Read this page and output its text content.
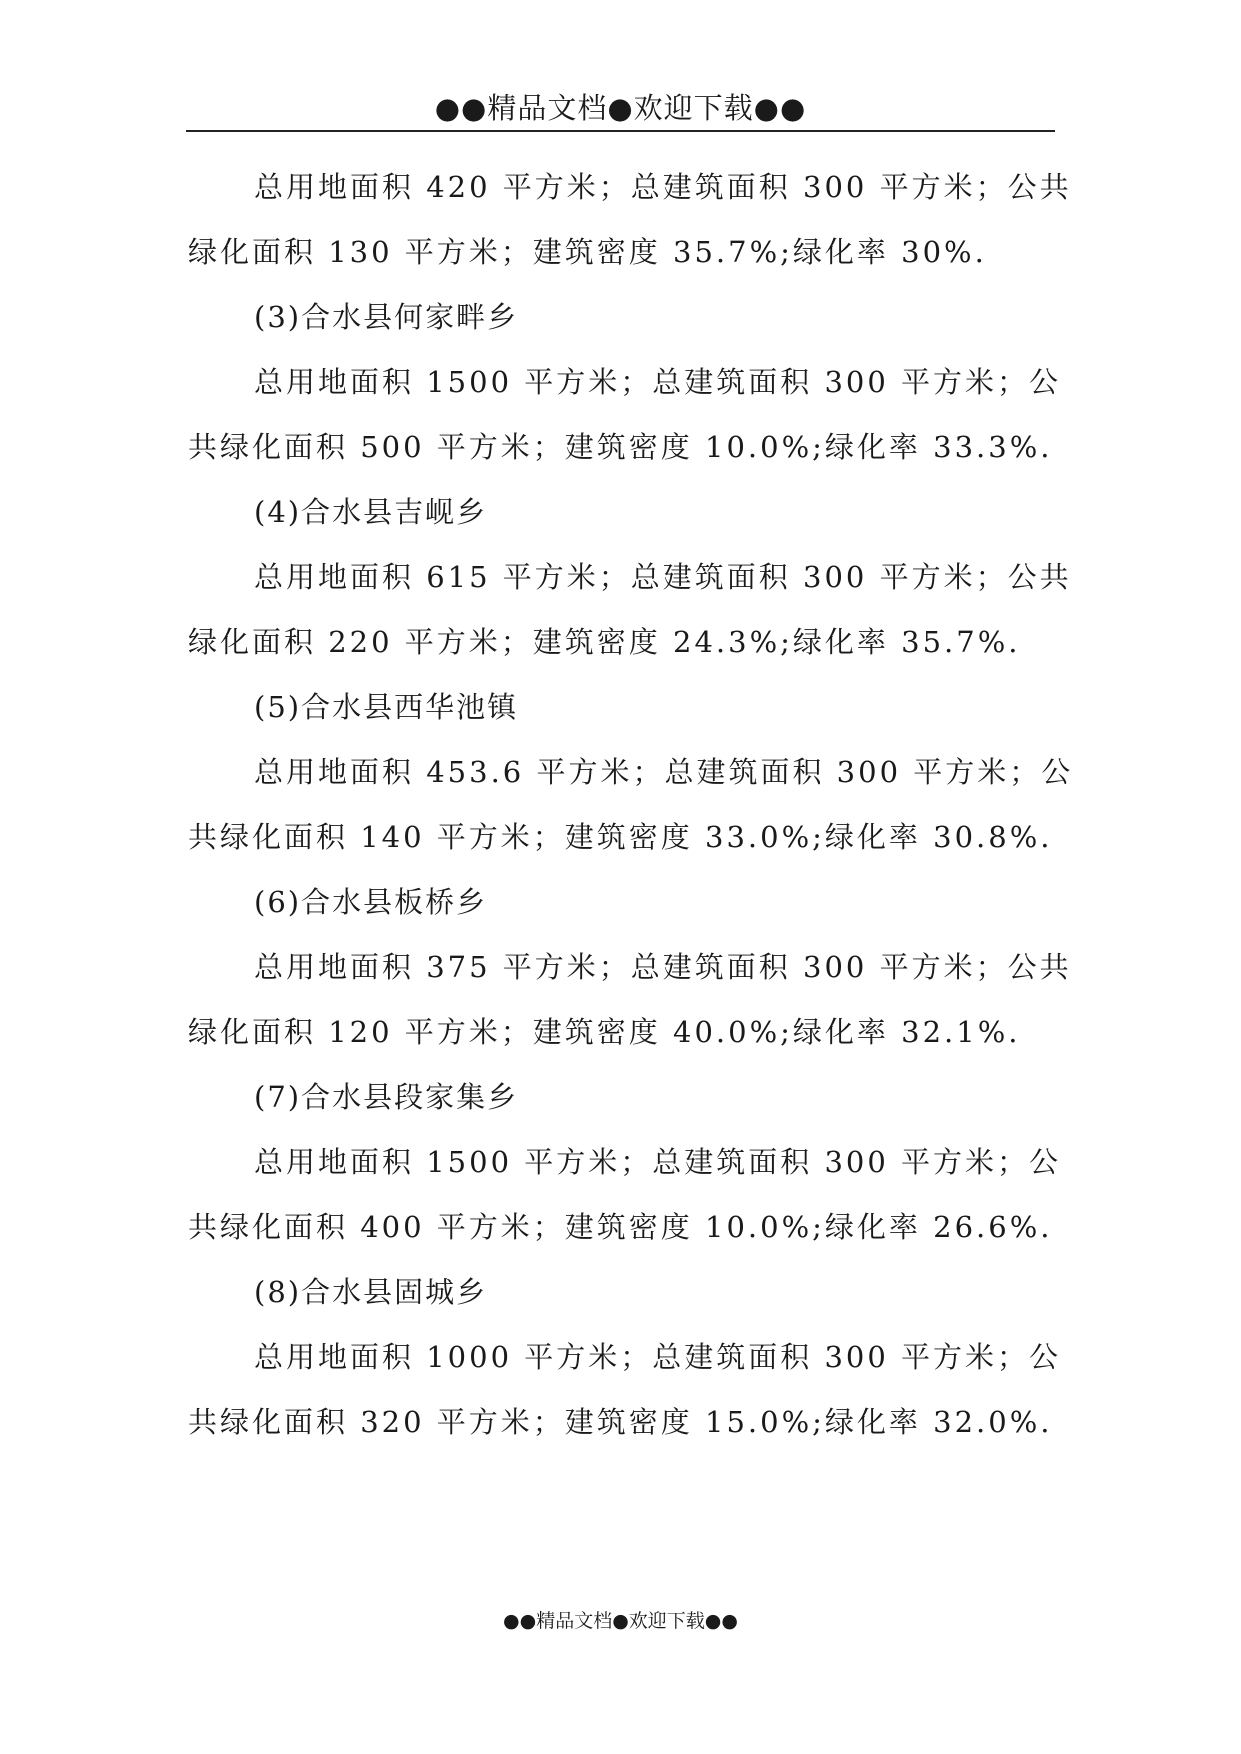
●●精品文档●欢迎下载●●
总用地面积 420 平方米；总建筑面积 300 平方米；公共
绿化面积 130 平方米；建筑密度 35.7%;绿化率 30%.
(3)合水县何家畔乡
总用地面积 1500 平方米；总建筑面积 300 平方米；公
共绿化面积 500 平方米；建筑密度 10.0%;绿化率 33.3%.
(4)合水县吉岘乡
总用地面积 615 平方米；总建筑面积 300 平方米；公共
绿化面积 220 平方米；建筑密度 24.3%;绿化率 35.7%.
(5)合水县西华池镇
总用地面积 453.6 平方米；总建筑面积 300 平方米；公
共绿化面积 140 平方米；建筑密度 33.0%;绿化率 30.8%.
(6)合水县板桥乡
总用地面积 375 平方米；总建筑面积 300 平方米；公共
绿化面积 120 平方米；建筑密度 40.0%;绿化率 32.1%.
(7)合水县段家集乡
总用地面积 1500 平方米；总建筑面积 300 平方米；公
共绿化面积 400 平方米；建筑密度 10.0%;绿化率 26.6%.
(8)合水县固城乡
总用地面积 1000 平方米；总建筑面积 300 平方米；公
共绿化面积 320 平方米；建筑密度 15.0%;绿化率 32.0%.
●●精品文档●欢迎下载●●
